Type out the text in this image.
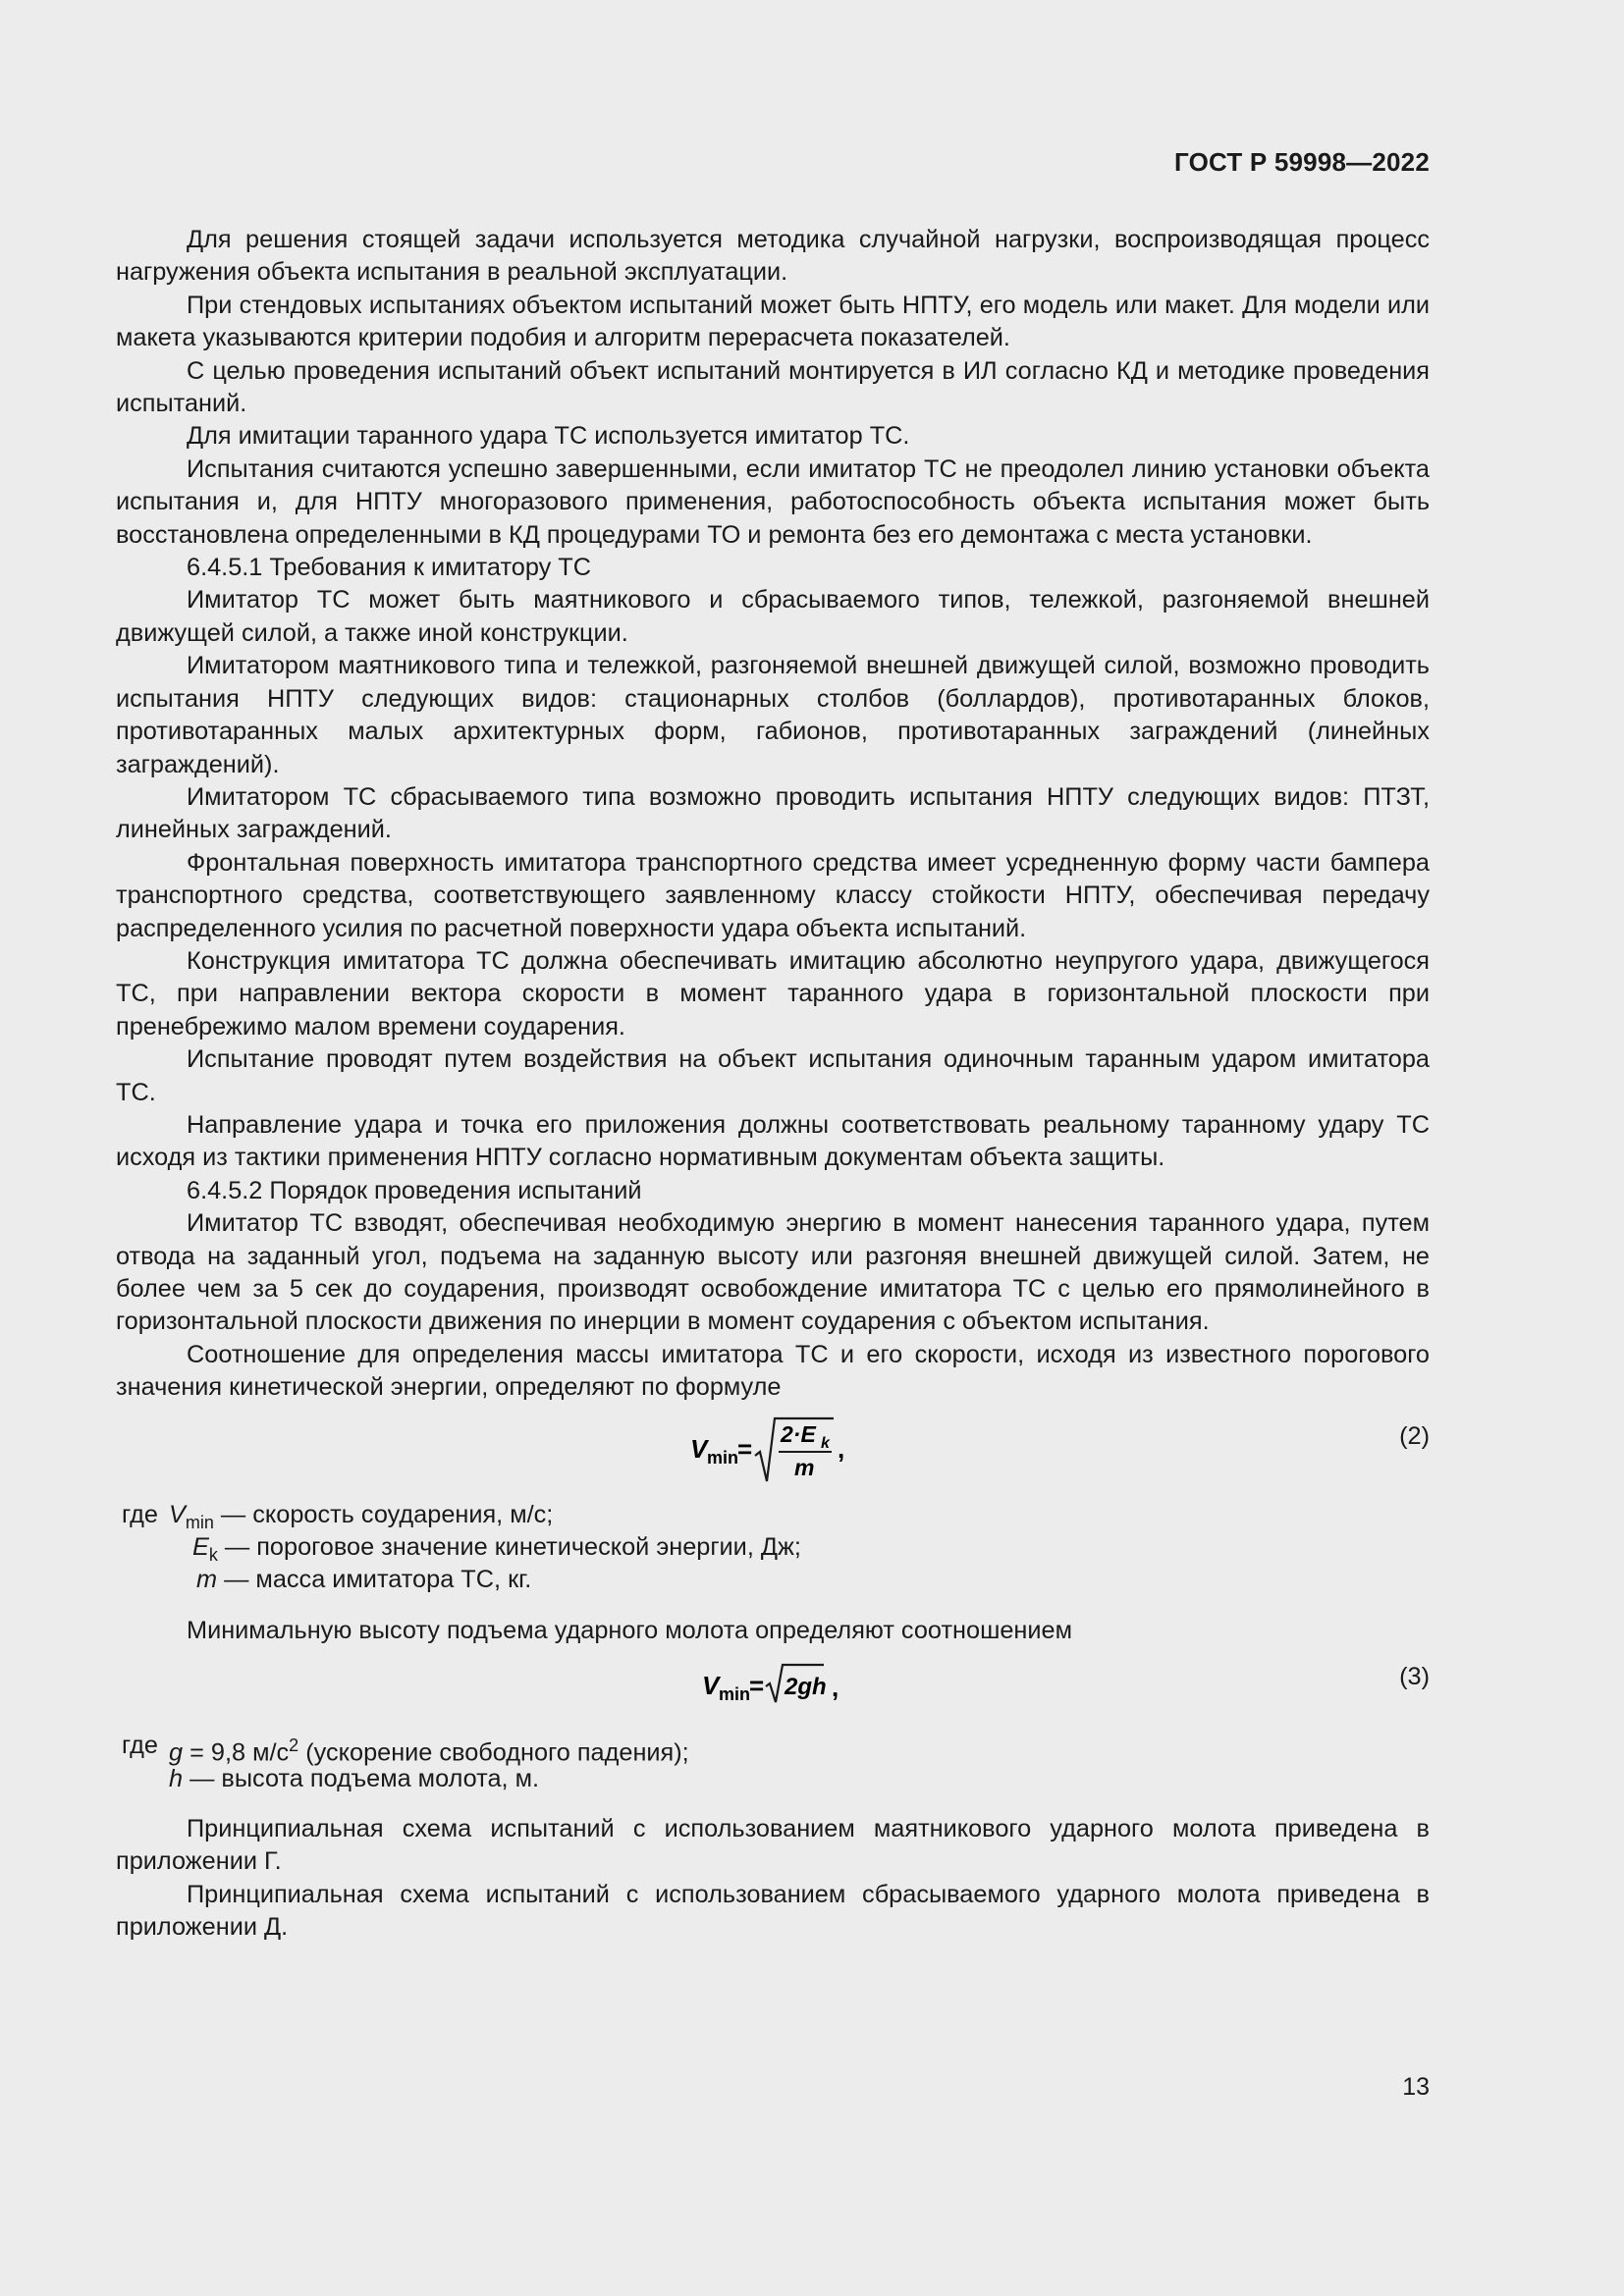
ГОСТ Р 59998—2022

Для решения стоящей задачи используется методика случайной нагрузки, воспроизводящая процесс нагружения объекта испытания в реальной эксплуатации.

При стендовых испытаниях объектом испытаний может быть НПТУ, его модель или макет. Для модели или макета указываются критерии подобия и алгоритм перерасчета показателей.

С целью проведения испытаний объект испытаний монтируется в ИЛ согласно КД и методике проведения испытаний.

Для имитации таранного удара ТС используется имитатор ТС.

Испытания считаются успешно завершенными, если имитатор ТС не преодолел линию установки объекта испытания и, для НПТУ многоразового применения, работоспособность объекта испытания может быть восстановлена определенными в КД процедурами ТО и ремонта без его демонтажа с места установки.

6.4.5.1 Требования к имитатору ТС

Имитатор ТС может быть маятникового и сбрасываемого типов, тележкой, разгоняемой внешней движущей силой, а также иной конструкции.

Имитатором маятникового типа и тележкой, разгоняемой внешней движущей силой, возможно проводить испытания НПТУ следующих видов: стационарных столбов (боллардов), противотаранных блоков, противотаранных малых архитектурных форм, габионов, противотаранных заграждений (линейных заграждений).

Имитатором ТС сбрасываемого типа возможно проводить испытания НПТУ следующих видов: ПТЗТ, линейных заграждений.

Фронтальная поверхность имитатора транспортного средства имеет усредненную форму части бампера транспортного средства, соответствующего заявленному классу стойкости НПТУ, обеспечивая передачу распределенного усилия по расчетной поверхности удара объекта испытаний.

Конструкция имитатора ТС должна обеспечивать имитацию абсолютно неупругого удара, движущегося ТС, при направлении вектора скорости в момент таранного удара в горизонтальной плоскости при пренебрежимо малом времени соударения.

Испытание проводят путем воздействия на объект испытания одиночным таранным ударом имитатора ТС.

Направление удара и точка его приложения должны соответствовать реальному таранному удару ТС исходя из тактики применения НПТУ согласно нормативным документам объекта защиты.

6.4.5.2 Порядок проведения испытаний

Имитатор ТС взводят, обеспечивая необходимую энергию в момент нанесения таранного удара, путем отвода на заданный угол, подъема на заданную высоту или разгоняя внешней движущей силой. Затем, не более чем за 5 сек до соударения, производят освобождение имитатора ТС с целью его прямолинейного в горизонтальной плоскости движения по инерции в момент соударения с объектом испытания.

Соотношение для определения массы имитатора ТС и его скорости, исходя из известного порогового значения кинетической энергии, определяют по формуле

V min
= 2·E k
m
,	(2)
где $V_{min}$ — скорость соударения, м/с;
$E_k$ — пороговое значение кинетической энергии, Дж;
m — масса имитатора ТС, кг.

Минимальную высоту подъема ударного молота определяют соотношением

V min
= 2gh ,	(3)
где g = 9,8 $м/с^2$ (ускорение свободного падения);
h — высота подъема молота, м.

Принципиальная схема испытаний с использованием маятникового ударного молота приведена в приложении Г.

Принципиальная схема испытаний с использованием сбрасываемого ударного молота приведена в приложении Д.

13
